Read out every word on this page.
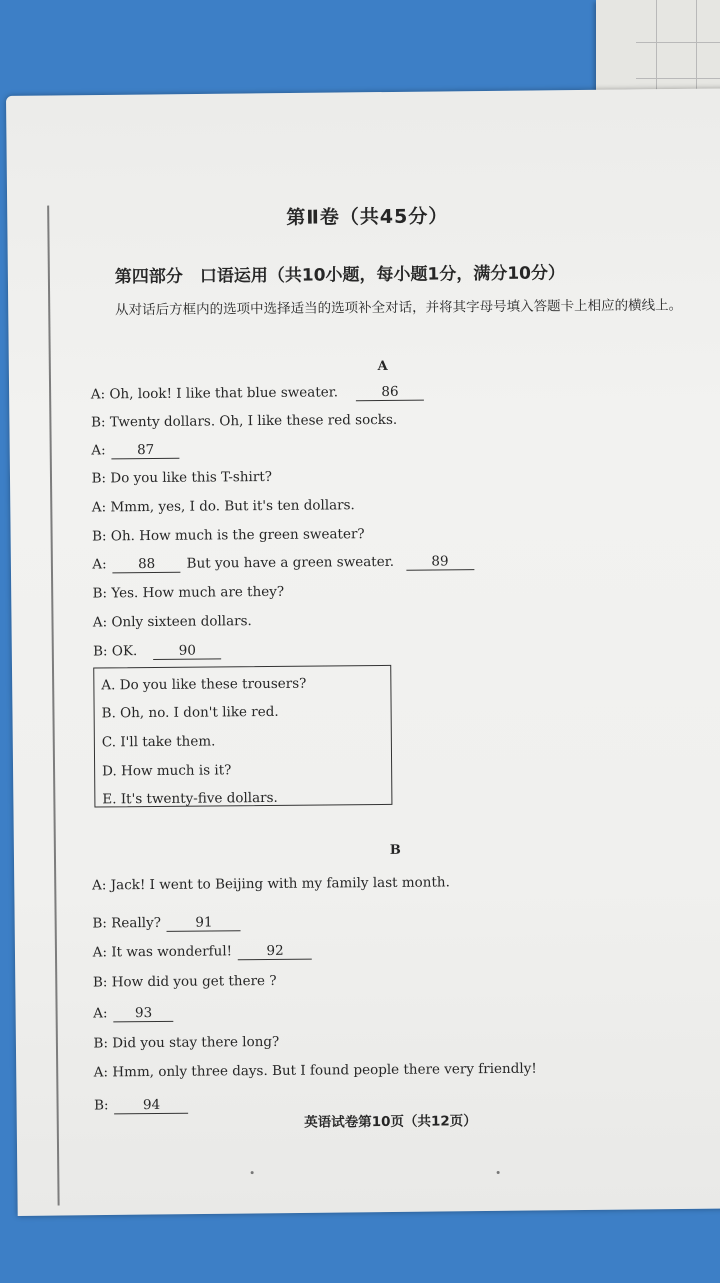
第Ⅱ卷（共45分）
第四部分　口语运用（共10小题，每小题1分，满分10分）
从对话后方框内的选项中选择适当的选项补全对话，并将其字母号填入答题卡上相应的横线上。
A
A: Oh, look! I like that blue sweater.	86
B: Twenty dollars. Oh, I like these red socks.
A: 87
B: Do you like this T-shirt?
A: Mmm, yes, I do. But it's ten dollars.
B: Oh. How much is the green sweater?
A: 88 But you have a green sweater.	89
B: Yes. How much are they?
A: Only sixteen dollars.
B: OK.	90
A. Do you like these trousers?
B. Oh, no. I don't like red.
C. I'll take them.
D. How much is it?
E. It's twenty-five dollars.
B
A: Jack! I went to Beijing with my family last month.
B: Really?	91
A: It was wonderful!	92
B: How did you get there ?
A: 93
B: Did you stay there long?
A: Hmm, only three days. But I found people there very friendly!
B:	94
英语试卷第10页（共12页）
